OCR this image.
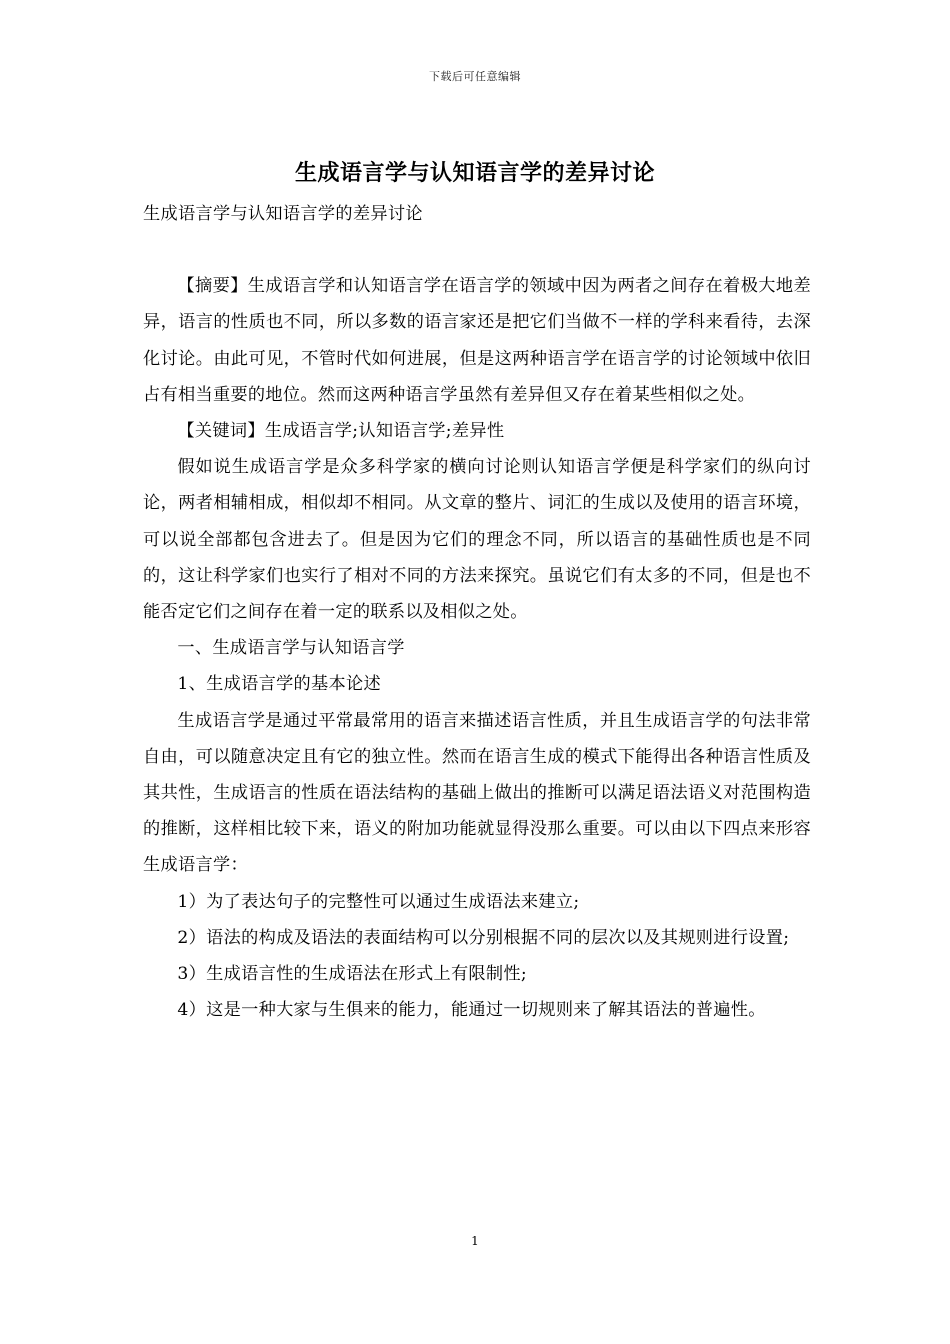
下载后可任意编辑
生成语言学与认知语言学的差异讨论

生成语言学与认知语言学的差异讨论

【摘要】生成语言学和认知语言学在语言学的领域中因为两者之间存在着极大地差异，语言的性质也不同，所以多数的语言家还是把它们当做不一样的学科来看待，去深化讨论。由此可见，不管时代如何进展，但是这两种语言学在语言学的讨论领域中依旧占有相当重要的地位。然而这两种语言学虽然有差异但又存在着某些相似之处。

【关键词】生成语言学;认知语言学;差异性

假如说生成语言学是众多科学家的横向讨论则认知语言学便是科学家们的纵向讨论，两者相辅相成，相似却不相同。从文章的整片、词汇的生成以及使用的语言环境，可以说全部都包含进去了。但是因为它们的理念不同，所以语言的基础性质也是不同的，这让科学家们也实行了相对不同的方法来探究。虽说它们有太多的不同，但是也不能否定它们之间存在着一定的联系以及相似之处。

一、生成语言学与认知语言学

1、生成语言学的基本论述

生成语言学是通过平常最常用的语言来描述语言性质，并且生成语言学的句法非常自由，可以随意决定且有它的独立性。然而在语言生成的模式下能得出各种语言性质及其共性，生成语言的性质在语法结构的基础上做出的推断可以满足语法语义对范围构造的推断，这样相比较下来，语义的附加功能就显得没那么重要。可以由以下四点来形容生成语言学：

1）为了表达句子的完整性可以通过生成语法来建立;

2）语法的构成及语法的表面结构可以分别根据不同的层次以及其规则进行设置;

3）生成语言性的生成语法在形式上有限制性;

4）这是一种大家与生俱来的能力，能通过一切规则来了解其语法的普遍性。

1
